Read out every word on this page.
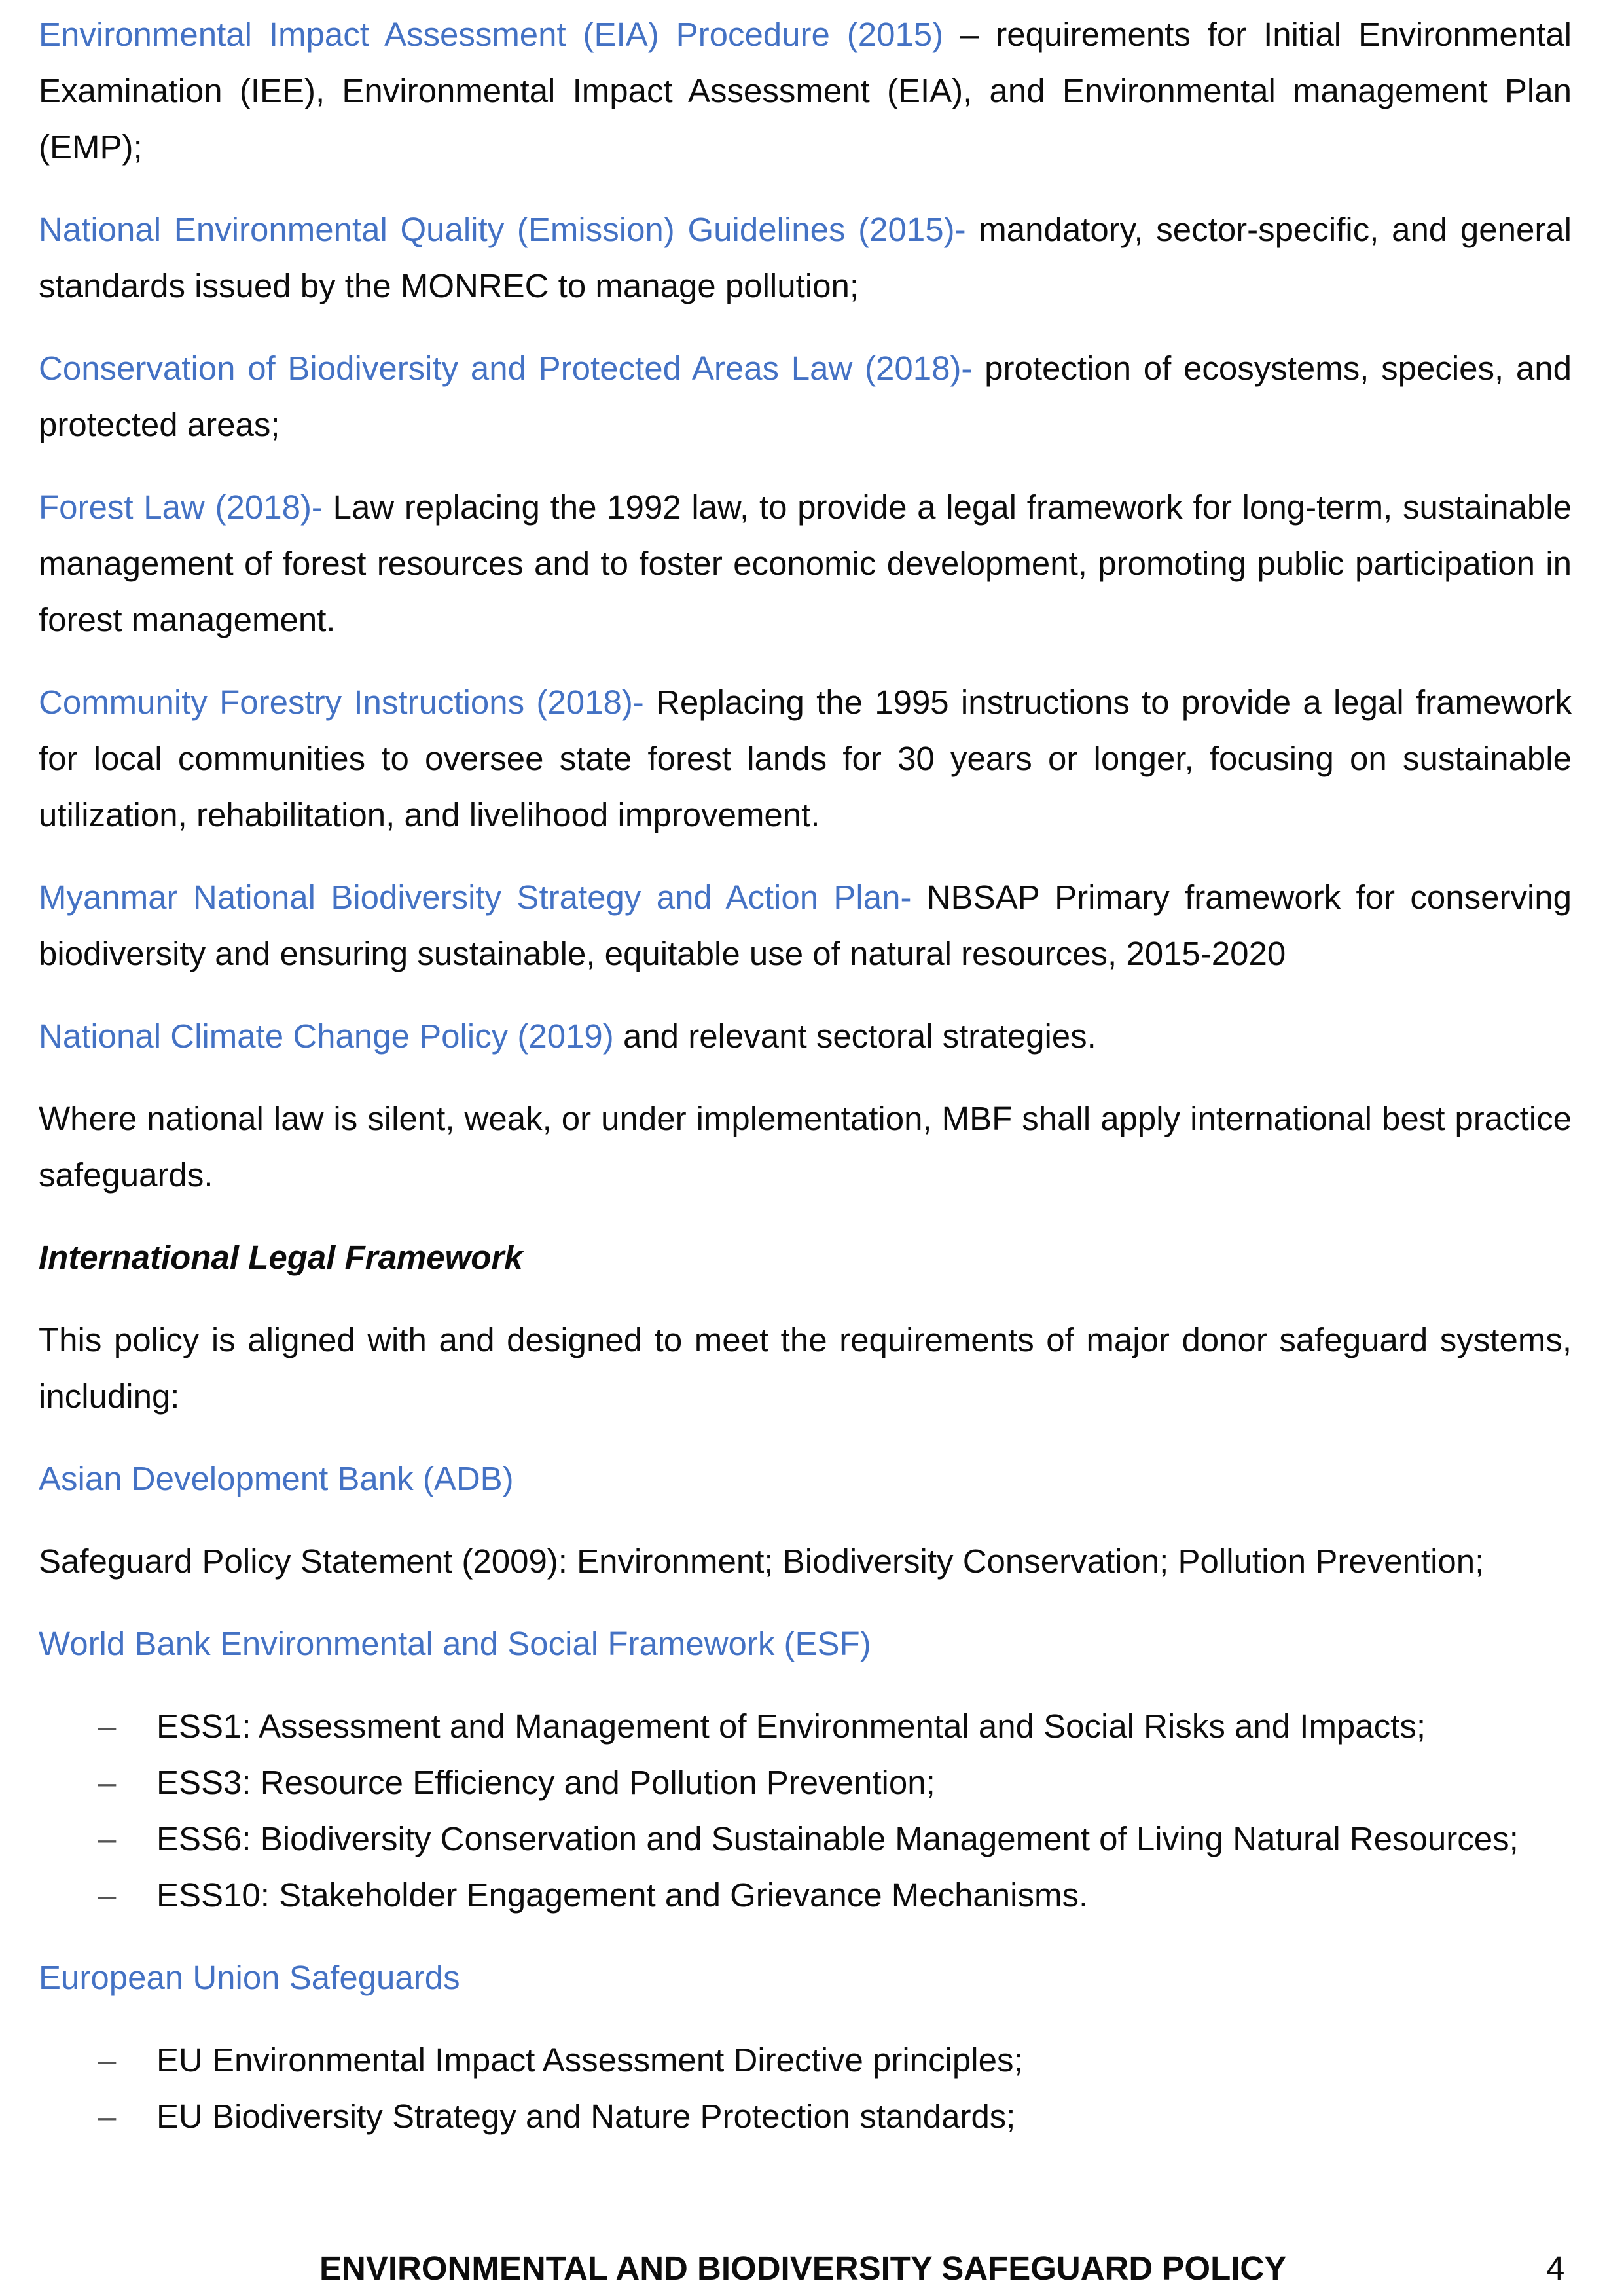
Environmental Impact Assessment (EIA) Procedure (2015) – requirements for Initial Environmental Examination (IEE), Environmental Impact Assessment (EIA), and Environmental management Plan (EMP);

National Environmental Quality (Emission) Guidelines (2015)- mandatory, sector-specific, and general standards issued by the MONREC to manage pollution;

Conservation of Biodiversity and Protected Areas Law (2018)- protection of ecosystems, species, and protected areas;

Forest Law (2018)- Law replacing the 1992 law, to provide a legal framework for long-term, sustainable management of forest resources and to foster economic development, promoting public participation in forest management.

Community Forestry Instructions (2018)- Replacing the 1995 instructions to provide a legal framework for local communities to oversee state forest lands for 30 years or longer, focusing on sustainable utilization, rehabilitation, and livelihood improvement.

Myanmar National Biodiversity Strategy and Action Plan- NBSAP Primary framework for conserving biodiversity and ensuring sustainable, equitable use of natural resources, 2015-2020

National Climate Change Policy (2019) and relevant sectoral strategies.

Where national law is silent, weak, or under implementation, MBF shall apply international best practice safeguards.

International Legal Framework

This policy is aligned with and designed to meet the requirements of major donor safeguard systems, including:

Asian Development Bank (ADB)

Safeguard Policy Statement (2009): Environment; Biodiversity Conservation; Pollution Prevention;

World Bank Environmental and Social Framework (ESF)

– ESS1: Assessment and Management of Environmental and Social Risks and Impacts;
– ESS3: Resource Efficiency and Pollution Prevention;
– ESS6: Biodiversity Conservation and Sustainable Management of Living Natural Resources;
– ESS10: Stakeholder Engagement and Grievance Mechanisms.

European Union Safeguards

– EU Environmental Impact Assessment Directive principles;
– EU Biodiversity Strategy and Nature Protection standards;
ENVIRONMENTAL AND BIODIVERSITY SAFEGUARD POLICY	4
